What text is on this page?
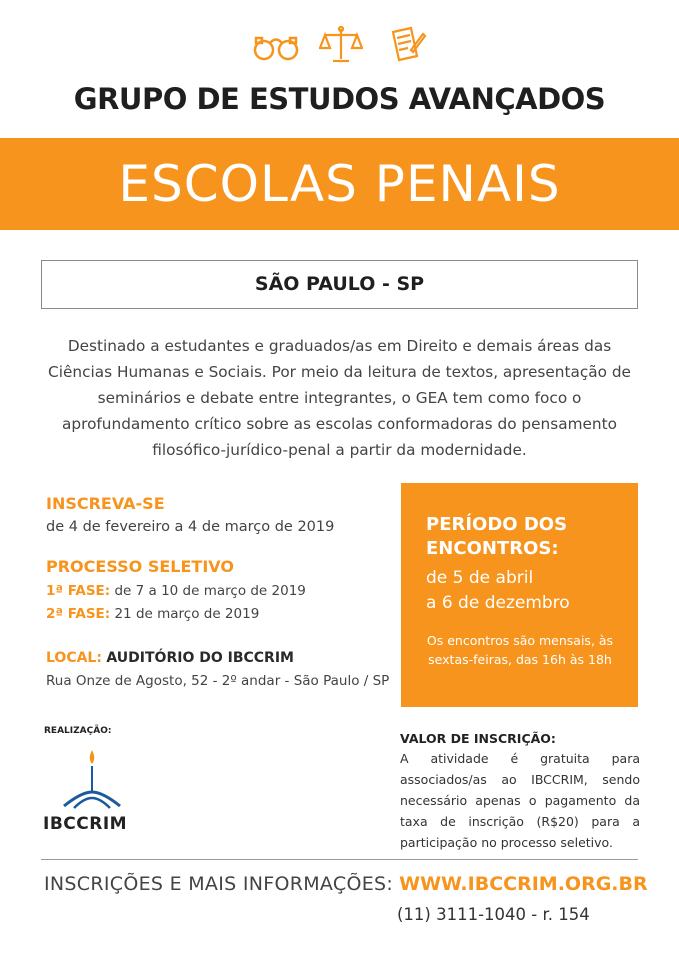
GRUPO DE ESTUDOS AVANÇADOS
ESCOLAS PENAIS
SÃO PAULO - SP
Destinado a estudantes e graduados/as em Direito e demais áreas das Ciências Humanas e Sociais. Por meio da leitura de textos, apresentação de seminários e debate entre integrantes, o GEA tem como foco o aprofundamento crítico sobre as escolas conformadoras do pensamento filosófico-jurídico-penal a partir da modernidade.
INSCREVA-SE
de 4 de fevereiro a 4 de março de 2019
PROCESSO SELETIVO
1ª FASE: de 7 a 10 de março de 2019
2ª FASE: 21 de março de 2019
LOCAL: AUDITÓRIO DO IBCCRIM
Rua Onze de Agosto, 52 - 2º andar - São Paulo / SP
PERÍODO DOS
ENCONTROS:
de 5 de abril
a 6 de dezembro
Os encontros são mensais, às sextas-feiras, das 16h às 18h
REALIZAÇÃO:
IBCCRIM
VALOR DE INSCRIÇÃO:
A atividade é gratuita para associados/as ao IBCCRIM, sendo necessário apenas o pagamento da taxa de inscrição (R$20) para a participação no processo seletivo.
INSCRIÇÕES E MAIS INFORMAÇÕES: WWW.IBCCRIM.ORG.BR
(11) 3111-1040 - r. 154
